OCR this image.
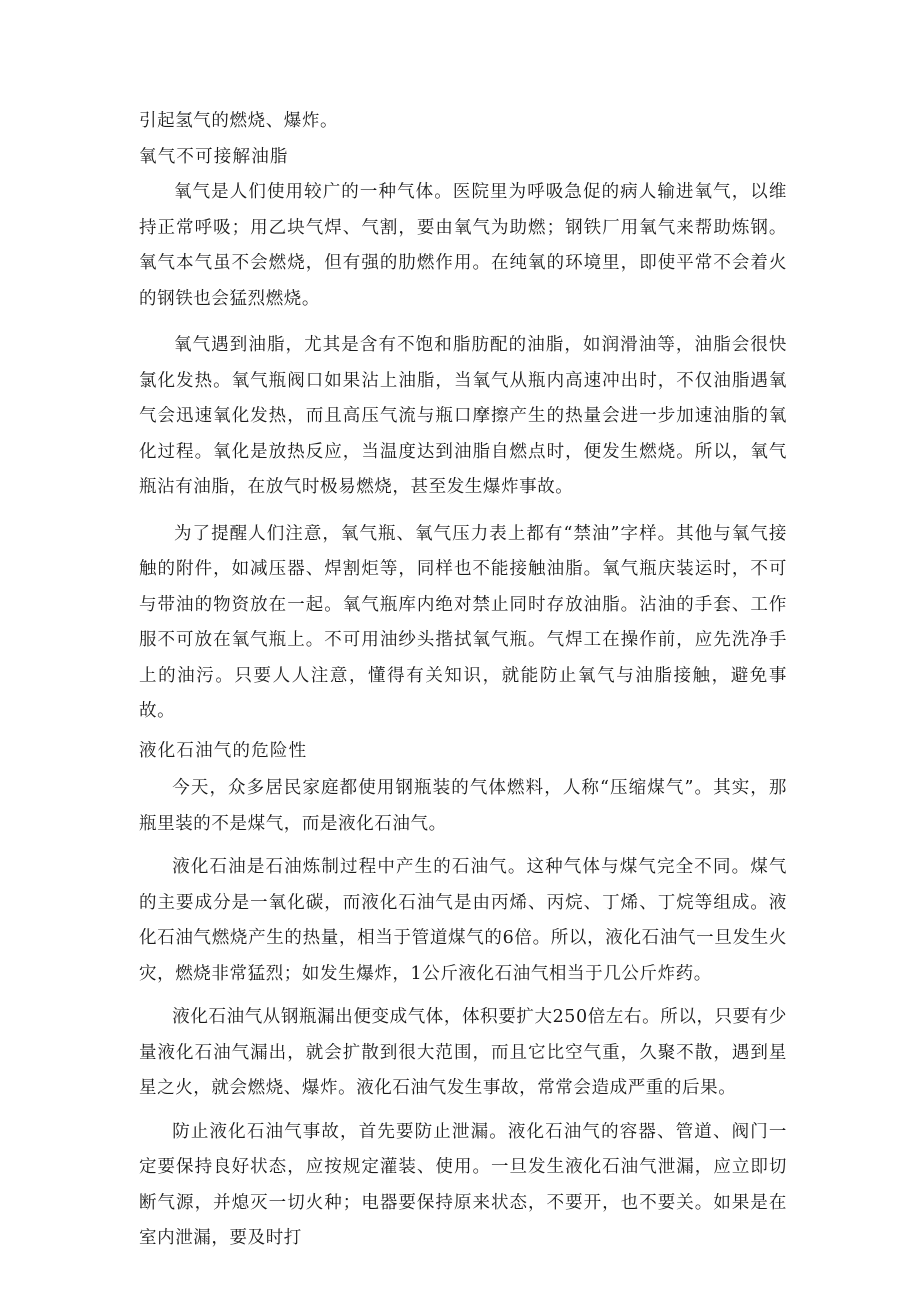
引起氢气的燃烧、爆炸。

氧气不可接解油脂

氧气是人们使用较广的一种气体。医院里为呼吸急促的病人输进氧气，以维持正常呼吸；用乙块气焊、气割，要由氧气为助燃；钢铁厂用氧气来帮助炼钢。氧气本气虽不会燃烧，但有强的肋燃作用。在纯氧的环境里，即使平常不会着火的钢铁也会猛烈燃烧。

氧气遇到油脂，尤其是含有不饱和脂肪配的油脂，如润滑油等，油脂会很快氯化发热。氧气瓶阀口如果沾上油脂，当氧气从瓶内高速冲出时，不仅油脂遇氧气会迅速氧化发热，而且高压气流与瓶口摩擦产生的热量会进一步加速油脂的氧化过程。氧化是放热反应，当温度达到油脂自燃点时，便发生燃烧。所以，氧气瓶沾有油脂，在放气时极易燃烧，甚至发生爆炸事故。

为了提醒人们注意，氧气瓶、氧气压力表上都有“禁油”字样。其他与氧气接触的附件，如减压器、焊割炬等，同样也不能接触油脂。氧气瓶庆装运时，不可与带油的物资放在一起。氧气瓶库内绝对禁止同时存放油脂。沾油的手套、工作服不可放在氧气瓶上。不可用油纱头揩拭氧气瓶。气焊工在操作前，应先洗净手上的油污。只要人人注意，懂得有关知识，就能防止氧气与油脂接触，避免事故。

液化石油气的危险性

今天，众多居民家庭都使用钢瓶装的气体燃料，人称“压缩煤气”。其实，那瓶里装的不是煤气，而是液化石油气。

液化石油是石油炼制过程中产生的石油气。这种气体与煤气完全不同。煤气的主要成分是一氧化碳，而液化石油气是由丙烯、丙烷、丁烯、丁烷等组成。液化石油气燃烧产生的热量，相当于管道煤气的6倍。所以，液化石油气一旦发生火灾，燃烧非常猛烈；如发生爆炸，1公斤液化石油气相当于几公斤炸药。

液化石油气从钢瓶漏出便变成气体，体积要扩大250倍左右。所以，只要有少量液化石油气漏出，就会扩散到很大范围，而且它比空气重，久聚不散，遇到星星之火，就会燃烧、爆炸。液化石油气发生事故，常常会造成严重的后果。

防止液化石油气事故，首先要防止泄漏。液化石油气的容器、管道、阀门一定要保持良好状态，应按规定灌装、使用。一旦发生液化石油气泄漏，应立即切断气源，并熄灭一切火种；电器要保持原来状态，不要开，也不要关。如果是在室内泄漏，要及时打
